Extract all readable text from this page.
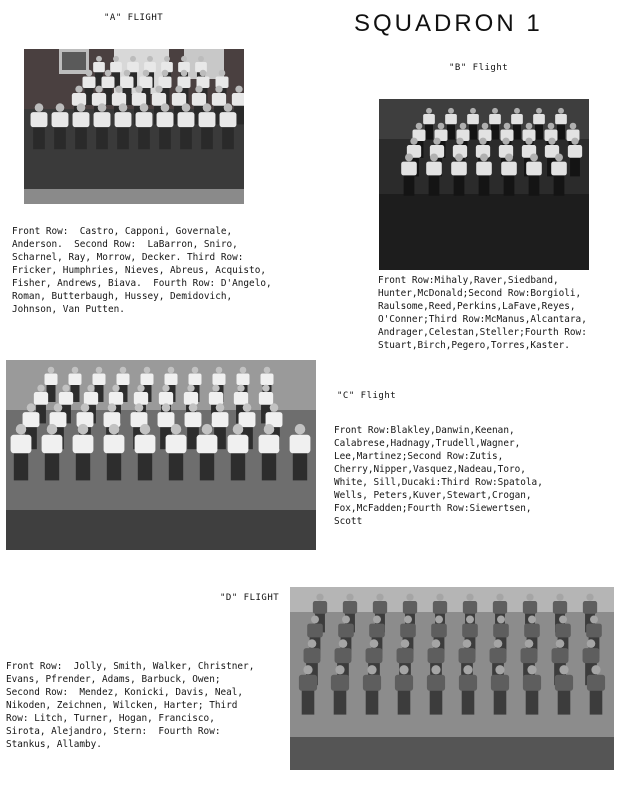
SQUADRON 1
"A" FLIGHT
Front Row:  Castro, Capponi, Governale,
Anderson.  Second Row:  LaBarron, Sniro,
Scharnel, Ray, Morrow, Decker. Third Row:
Fricker, Humphries, Nieves, Abreus, Acquisto,
Fisher, Andrews, Biava.  Fourth Row: D'Angelo,
Roman, Butterbaugh, Hussey, Demidovich,
Johnson, Van Putten.
"B" Flight
Front Row:Mihaly,Raver,Siedband,
Hunter,McDonald;Second Row:Borgioli,
Raulsome,Reed,Perkins,LaFave,Reyes,
O'Conner;Third Row:McManus,Alcantara,
Andrager,Celestan,Steller;Fourth Row:
Stuart,Birch,Pegero,Torres,Kaster.
"C" Flight
Front Row:Blakley,Danwin,Keenan,
Calabrese,Hadnagy,Trudell,Wagner,
Lee,Martinez;Second Row:Zutis,
Cherry,Nipper,Vasquez,Nadeau,Toro,
White, Sill,Ducaki:Third Row:Spatola,
Wells, Peters,Kuver,Stewart,Crogan,
Fox,McFadden;Fourth Row:Siewertsen,
Scott
"D" FLIGHT
Front Row:  Jolly, Smith, Walker, Christner,
Evans, Pfrender, Adams, Barbuck, Owen;
Second Row:  Mendez, Konicki, Davis, Neal,
Nikoden, Zeichnen, Wilcken, Harter; Third
Row: Litch, Turner, Hogan, Francisco,
Sirota, Alejandro, Stern:  Fourth Row:
Stankus, Allamby.
